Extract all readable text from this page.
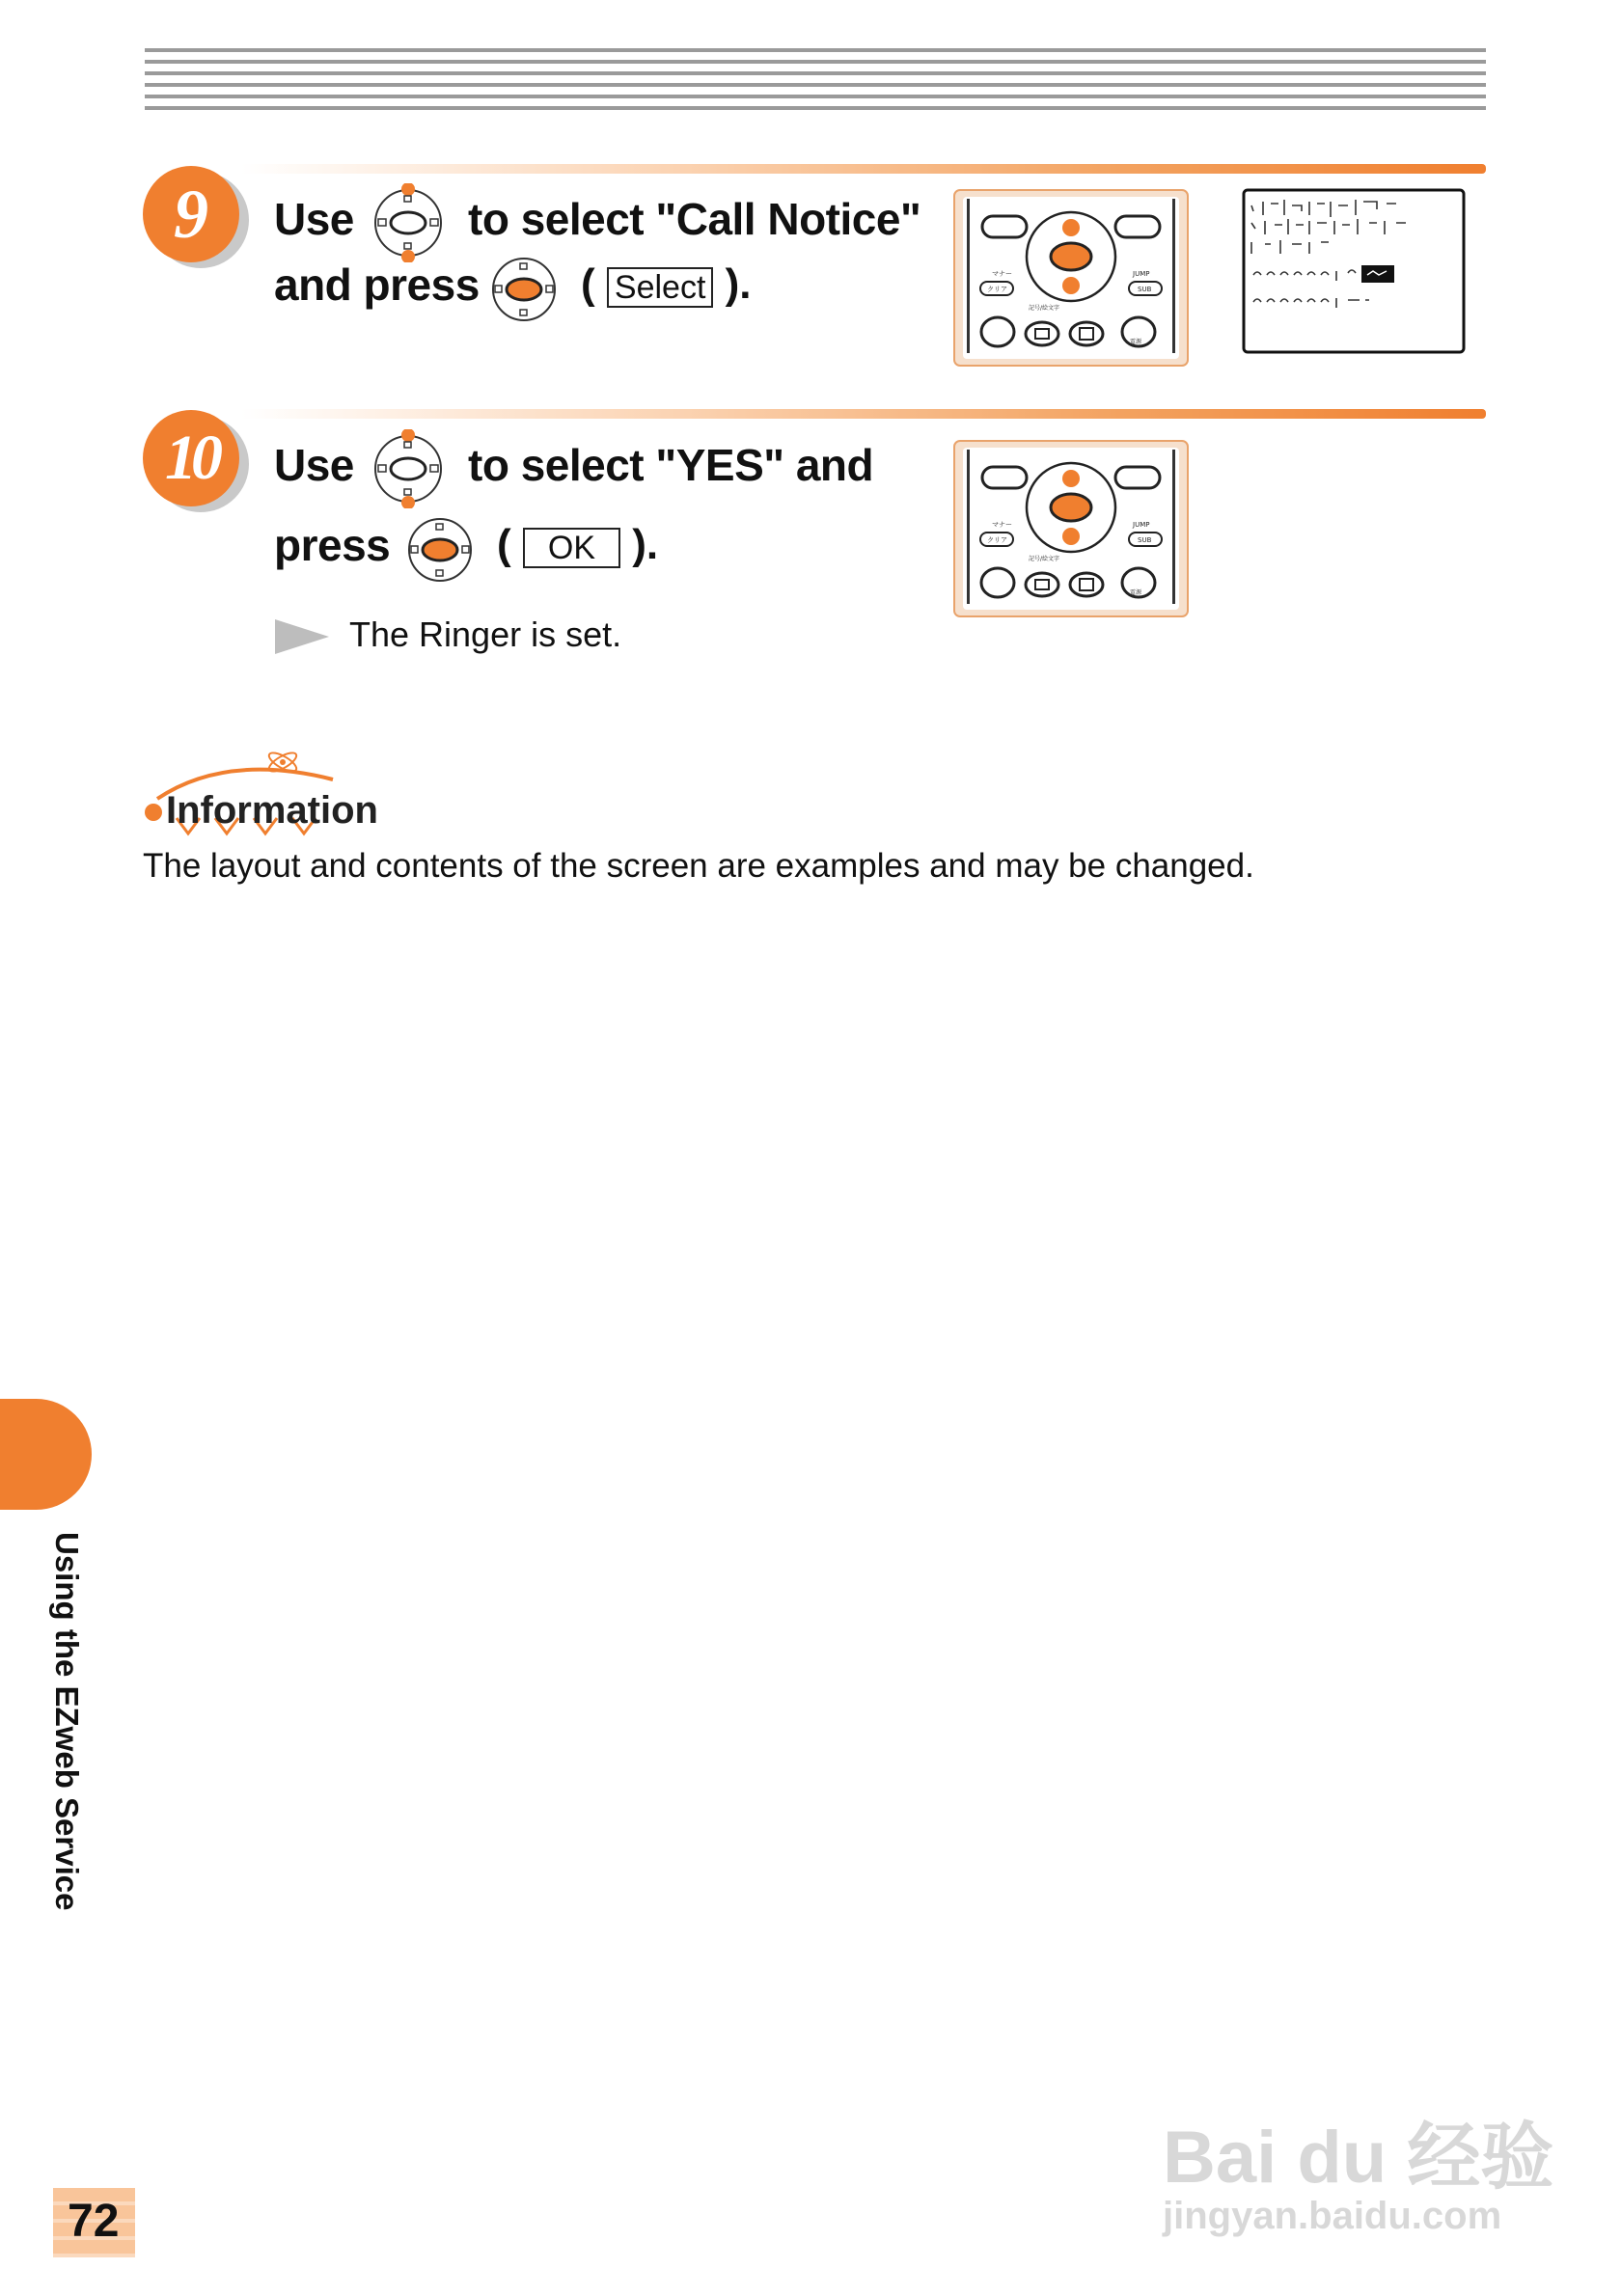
9	Use	to select "Call Notice"
and press ( Select ).	マナー
クリア
JUMP
SUB
記号/絵文字
電源
10	Use	to select "YES" and
press	( OK ).
The Ringer is set.
マナー
クリア
JUMP
SUB
記号/絵文字
電源
Information
The layout and contents of the screen are examples and may be changed.
Using the EZweb Service
72
Bai du 经验
jingyan.baidu.com
